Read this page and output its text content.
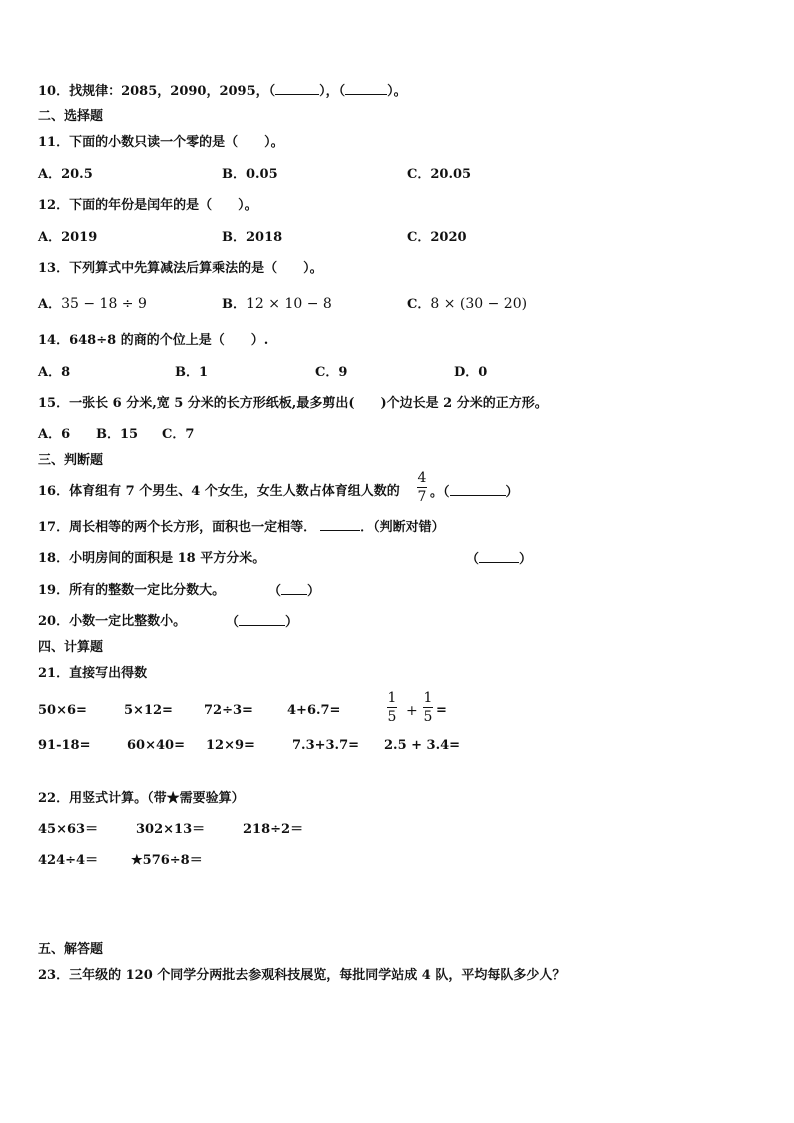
10．找规律：2085，2090，2095，（	），（	）。
二、选择题
11．下面的小数只读一个零的是（　　）。
A．20.5	B．0.05	C．20.05
12．下面的年份是闰年的是（　　）。
A．2019	B．2018	C．2020
13．下列算式中先算减法后算乘法的是（　　）。
A．35 − 18 ÷ 9	B．12 × 10 − 8	C．8 × (30 − 20)
14．648÷8 的商的个位上是（　　）.
A．8	B．1	C．9	D．0
15．一张长 6 分米,宽 5 分米的长方形纸板,最多剪出(　　)个边长是 2 分米的正方形。
A．6 B．15 C．7
三、判断题
16．体育组有 7 个男生、4 个女生，女生人数占体育组人数的
4
7 。（	）
17．周长相等的两个长方形，面积也一定相等．	．（判断对错）
18．小明房间的面积是 18 平方分米。	（	）
19．所有的整数一定比分数大。	（ ）
20．小数一定比整数小。	（	）
四、计算题
21．直接写出得数
50×6=	5×12= 72÷3=	4+6.7=
1
5 +
1
5 =
91-18=	60×40= 12×9=	7.3+3.7= 2.5 + 3.4=
22．用竖式计算。（带★需要验算）
45×63＝	302×13＝	218÷2＝
424÷4＝	★576÷8＝
五、解答题
23．三年级的 120 个同学分两批去参观科技展览，每批同学站成 4 队，平均每队多少人？
